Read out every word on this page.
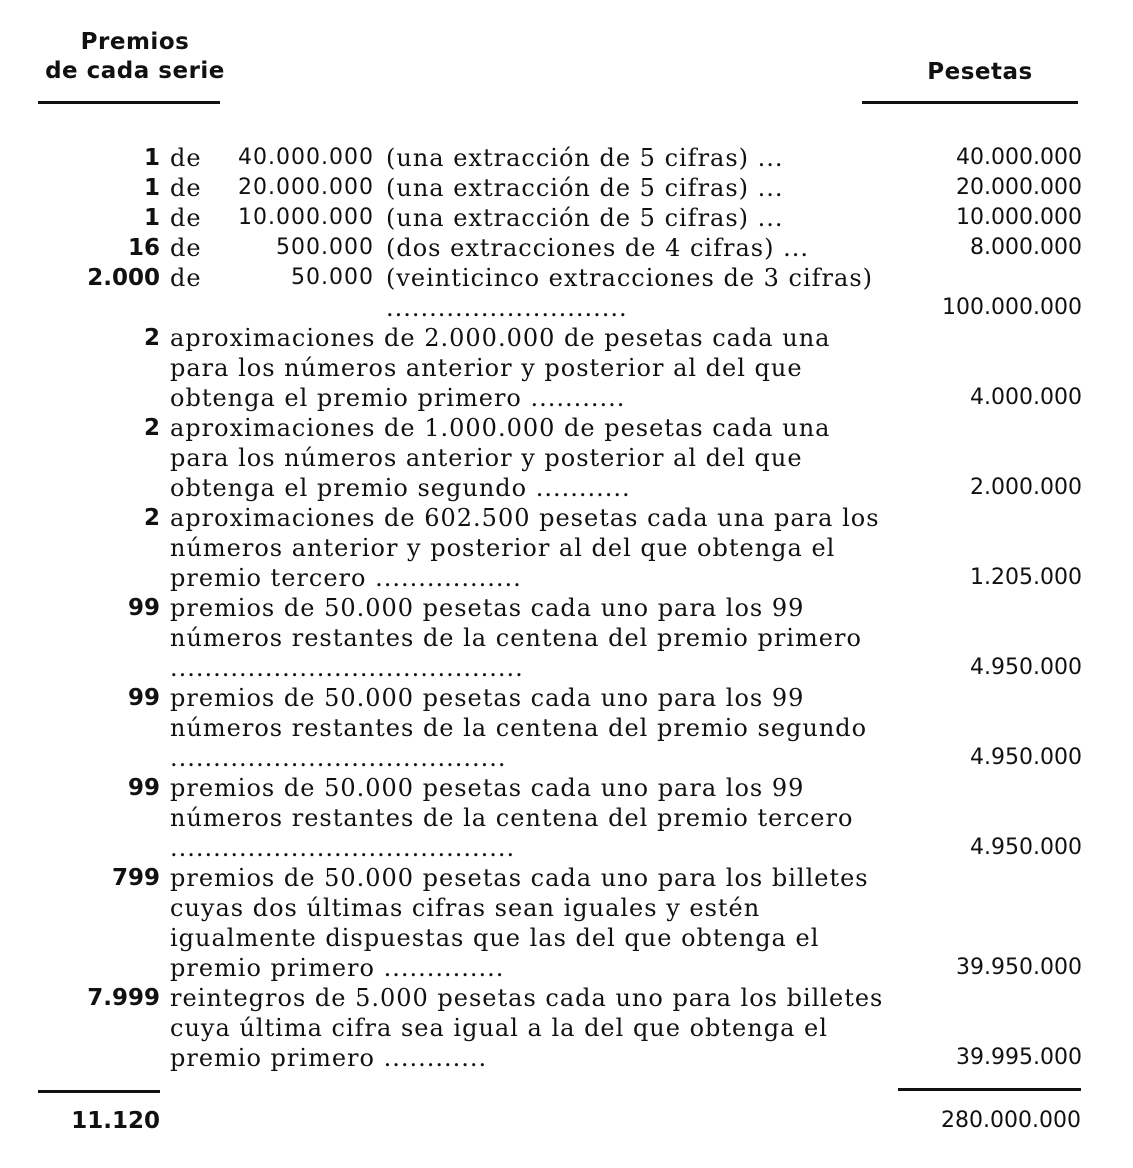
Premios
de cada serie	Pesetas
1	de 40.000.000 (una extracción de 5 cifras) ...	40.000.000
1	de 20.000.000 (una extracción de 5 cifras) ...	20.000.000
1	de 10.000.000 (una extracción de 5 cifras) ...	10.000.000
16	de 500.000 (dos extracciones de 4 cifras) ...	8.000.000
2.000	de 50.000 (veinticinco extracciones de 3 cifras) ............................	100.000.000
2	aproximaciones de 2.000.000 de pesetas cada una para los números anterior y posterior al del que obtenga el premio primero ...........	4.000.000
2	aproximaciones de 1.000.000 de pesetas cada una para los números anterior y posterior al del que obtenga el premio segundo ...........	2.000.000
2	aproximaciones de 602.500 pesetas cada una para los números anterior y posterior al del que obtenga el premio tercero .................	1.205.000
99	premios de 50.000 pesetas cada uno para los 99 números restantes de la centena del premio primero .........................................	4.950.000
99	premios de 50.000 pesetas cada uno para los 99 números restantes de la centena del premio segundo .......................................	4.950.000
99	premios de 50.000 pesetas cada uno para los 99 números restantes de la centena del premio tercero ........................................	4.950.000
799	premios de 50.000 pesetas cada uno para los billetes cuyas dos últimas cifras sean iguales y estén igualmente dispuestas que las del que obtenga el premio primero ..............	39.950.000
7.999	reintegros de 5.000 pesetas cada uno para los billetes cuya última cifra sea igual a la del que obtenga el premio primero ............	39.995.000
11.120	280.000.000
